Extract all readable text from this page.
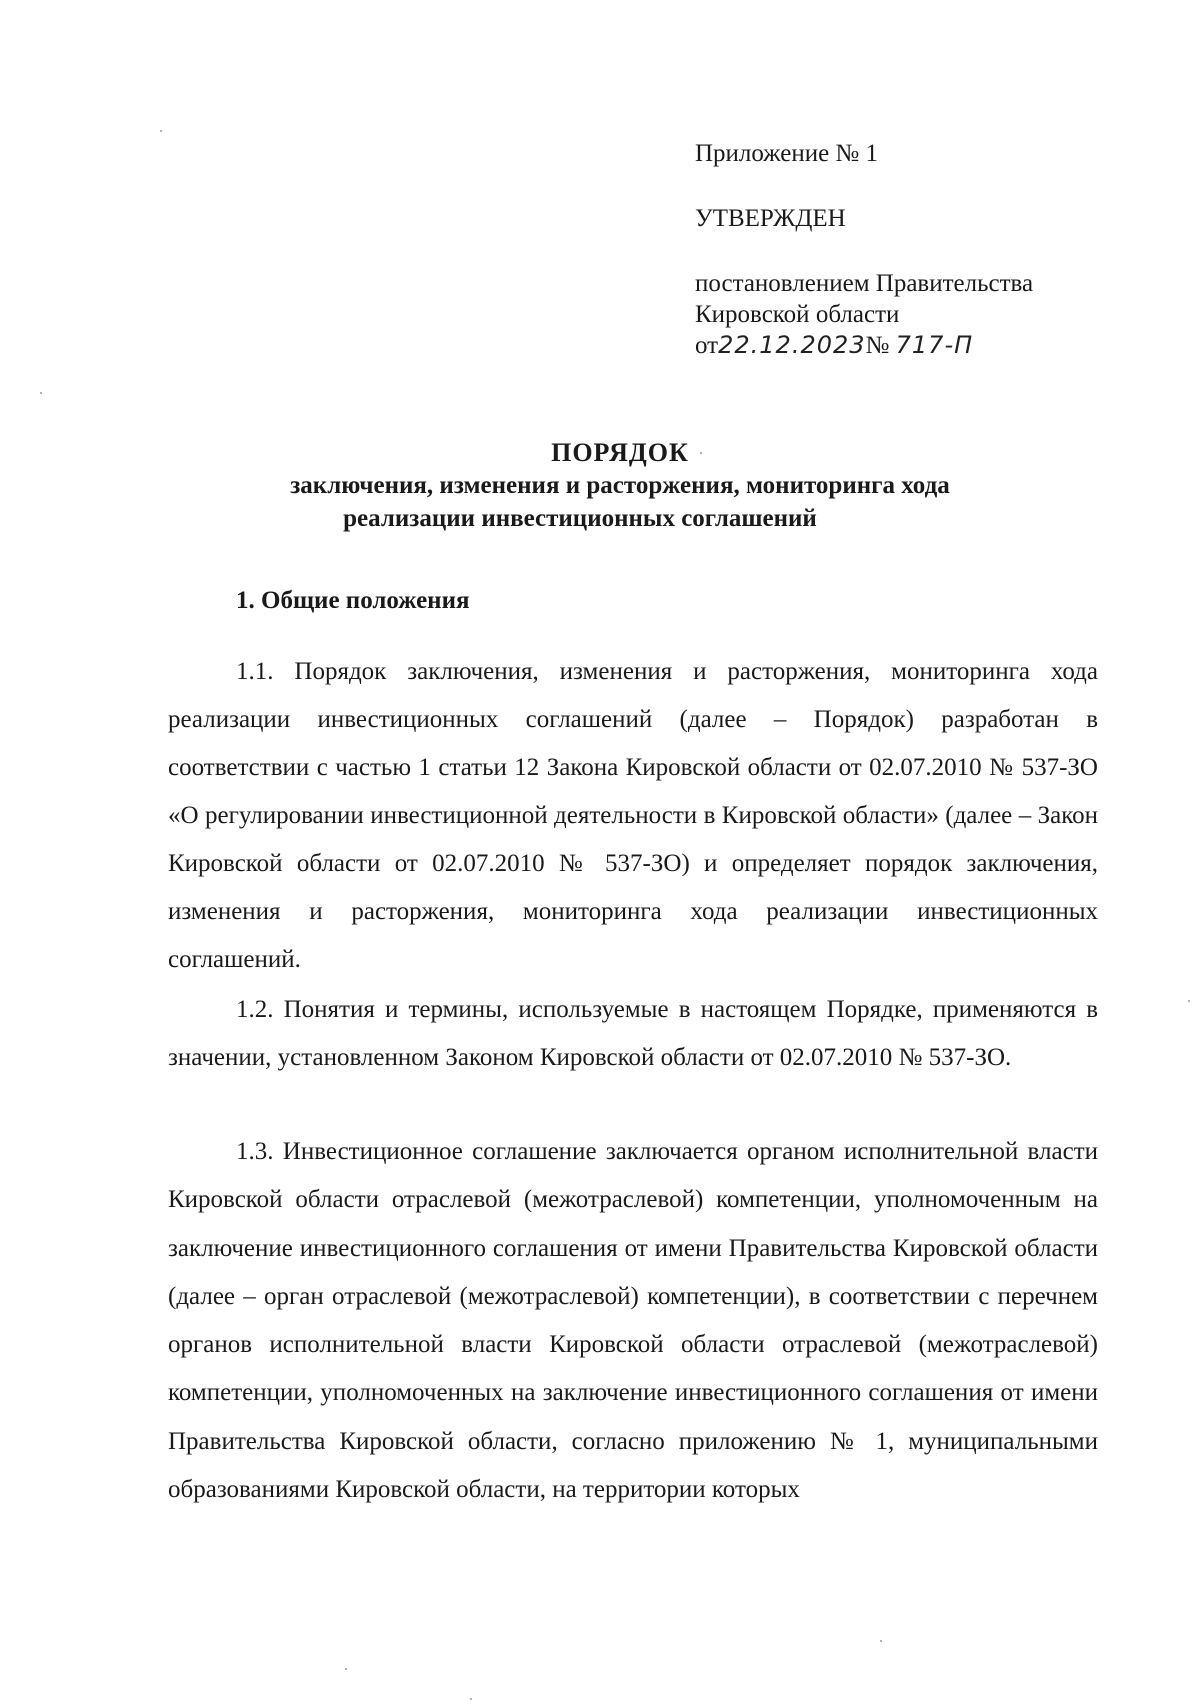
Приложение № 1

УТВЕРЖДЕН

постановлением Правительства
Кировской области
от22.12.2023№ 717-П

ПОРЯДОК

заключения, изменения и расторжения, мониторинга хода
реализации инвестиционных соглашений

1. Общие положения

1.1. Порядок заключения, изменения и расторжения, мониторинга хода реализации инвестиционных соглашений (далее – Порядок) разработан в соответствии с частью 1 статьи 12 Закона Кировской области от 02.07.2010 № 537-ЗО «О регулировании инвестиционной деятельности в Кировской области» (далее – Закон Кировской области от 02.07.2010 № 537-ЗО) и определяет порядок заключения, изменения и расторжения, мониторинга хода реализации инвестиционных соглашений.

1.2. Понятия и термины, используемые в настоящем Порядке, применяются в значении, установленном Законом Кировской области от 02.07.2010 № 537-ЗО.

1.3. Инвестиционное соглашение заключается органом исполнительной власти Кировской области отраслевой (межотраслевой) компетенции, уполномоченным на заключение инвестиционного соглашения от имени Правительства Кировской области (далее – орган отраслевой (межотраслевой) компетенции), в соответствии с перечнем органов исполнительной власти Кировской области отраслевой (межотраслевой) компетенции, уполномоченных на заключение инвестиционного соглашения от имени Правительства Кировской области, согласно приложению № 1, муниципальными образованиями Кировской области, на территории которых
